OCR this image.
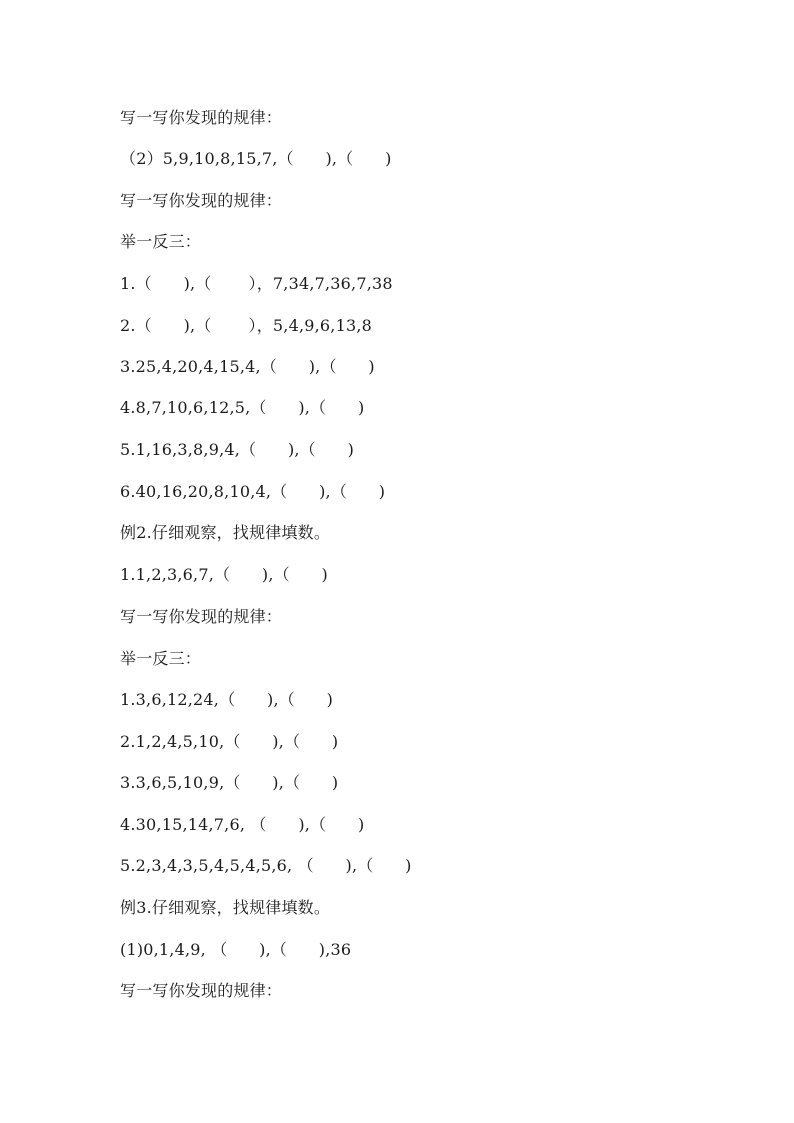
写一写你发现的规律：
（2）5,9,10,8,15,7,（      ),（      )
写一写你发现的规律：
举一反三：
1.（      ),（       ），7,34,7,36,7,38
2.（      ),（       ），5,4,9,6,13,8
3.25,4,20,4,15,4,（      ),（      )
4.8,7,10,6,12,5,（      ),（      )
5.1,16,3,8,9,4,（      ),（      )
6.40,16,20,8,10,4,（      ),（      )
例2.仔细观察，找规律填数。
1.1,2,3,6,7,（      ),（      )
写一写你发现的规律：
举一反三：
1.3,6,12,24,（      ),（      )
2.1,2,4,5,10,（      ),（      )
3.3,6,5,10,9,（      ),（      )
4.30,15,14,7,6, （      ),（      )
5.2,3,4,3,5,4,5,4,5,6, （      ),（      )
例3.仔细观察，找规律填数。
(1)0,1,4,9, （      ),（      ),36
写一写你发现的规律：
